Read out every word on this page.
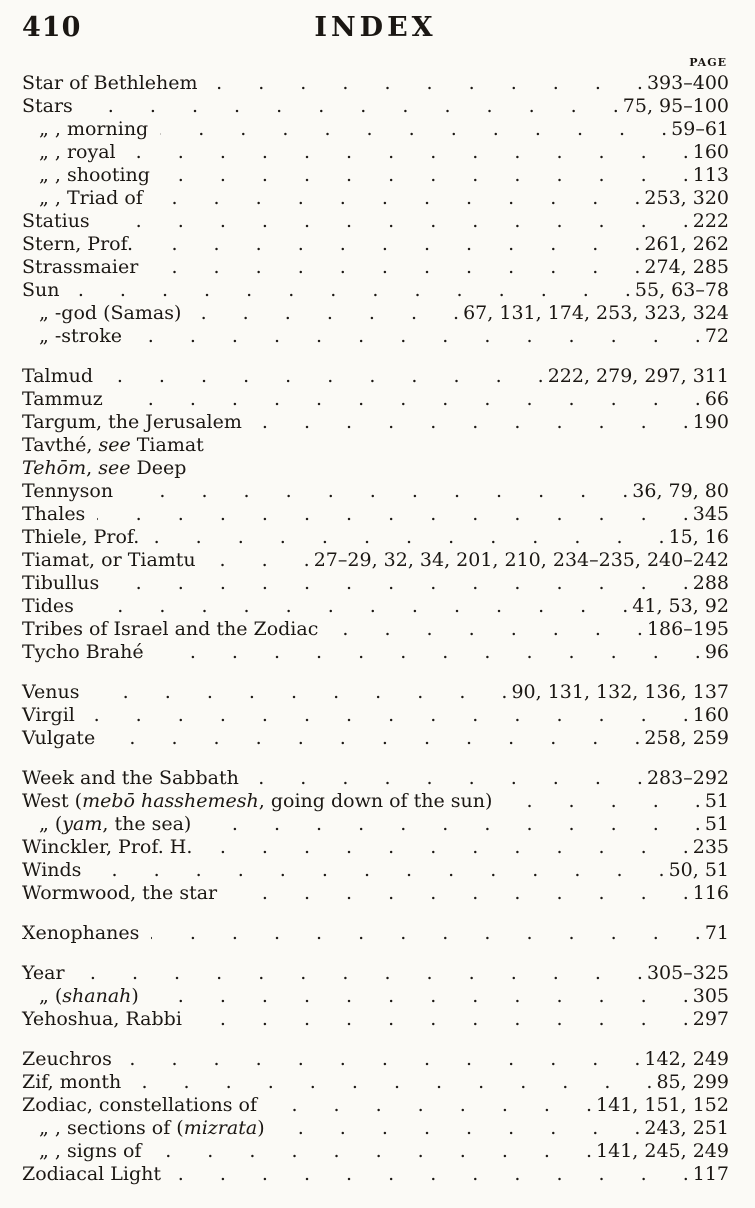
410	INDEX
PAGE
Star of Bethlehem . . .	393–400
Stars . . .	75, 95–100
„ , morning . . .	59–61
„ , royal . . .	160
„ , shooting . . .	113
„ , Triad of . . .	253, 320
Statius . . .	222
Stern, Prof. . . .	261, 262
Strassmaier . . .	274, 285
Sun . . .	55, 63–78
„ -god (Samas) . . .	67, 131, 174, 253, 323, 324
„ -stroke . . .	72
Talmud . . .	222, 279, 297, 311
Tammuz . . .	66
Targum, the Jerusalem . . .	190
Tavthé, see Tiamat
Tehōm, see Deep
Tennyson . . .	36, 79, 80
Thales . . .	345
Thiele, Prof. . . .	15, 16
Tiamat, or Tiamtu . . .	27–29, 32, 34, 201, 210, 234–235, 240–242
Tibullus . . .	288
Tides . . .	41, 53, 92
Tribes of Israel and the Zodiac . . .	186–195
Tycho Brahé . . .	96
Venus . . .	90, 131, 132, 136, 137
Virgil . . .	160
Vulgate . . .	258, 259
Week and the Sabbath . . .	283–292
West (mebō hasshemesh, going down of the sun) . . .	51
„ (yam, the sea) . . .	51
Winckler, Prof. H. . . .	235
Winds . . .	50, 51
Wormwood, the star . . .	116
Xenophanes . . .	71
Year . . .	305–325
„ (shanah) . . .	305
Yehoshua, Rabbi . . .	297
Zeuchros . . .	142, 249
Zif, month . . .	85, 299
Zodiac, constellations of . . .	141, 151, 152
„ , sections of (mizrata) . . .	243, 251
„ , signs of . . .	141, 245, 249
Zodiacal Light . . .	117
